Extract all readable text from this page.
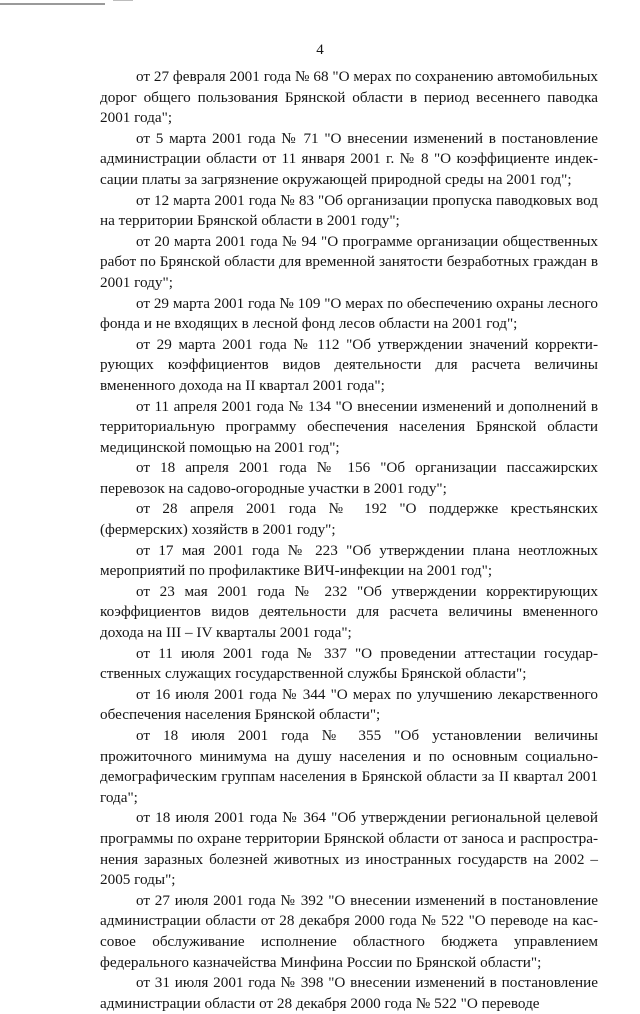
4

от 27 февраля 2001 года № 68 "О мерах по сохранению автомобильных дорог общего пользования Брянской области в период весеннего паводка 2001 года";

от 5 марта 2001 года № 71 "О внесении изменений в постановление администрации области от 11 января 2001 г. № 8 "О коэффициенте индексации платы за загрязнение окружающей природной среды на 2001 год";

от 12 марта 2001 года № 83 "Об организации пропуска паводковых вод на территории Брянской области в 2001 году";

от 20 марта 2001 года № 94 "О программе организации общественных работ по Брянской области для временной занятости безработных граждан в 2001 году";

от 29 марта 2001 года № 109 "О мерах по обеспечению охраны лесного фонда и не входящих в лесной фонд лесов области на 2001 год";

от 29 марта 2001 года № 112 "Об утверждении значений корректирующих коэффициентов видов деятельности для расчета величины вмененного дохода на II квартал 2001 года";

от 11 апреля 2001 года № 134 "О внесении изменений и дополнений в территориальную программу обеспечения населения Брянской области медицинской помощью на 2001 год";

от 18 апреля 2001 года № 156 "Об организации пассажирских перевозок на садово-огородные участки в 2001 году";

от 28 апреля 2001 года № 192 "О поддержке крестьянских (фермерских) хозяйств в 2001 году";

от 17 мая 2001 года № 223 "Об утверждении плана неотложных мероприятий по профилактике ВИЧ-инфекции на 2001 год";

от 23 мая 2001 года № 232 "Об утверждении корректирующих коэффициентов видов деятельности для расчета величины вмененного дохода на III – IV кварталы 2001 года";

от 11 июля 2001 года № 337 "О проведении аттестации государственных служащих государственной службы Брянской области";

от 16 июля 2001 года № 344 "О мерах по улучшению лекарственного обеспечения населения Брянской области";

от 18 июля 2001 года № 355 "Об установлении величины прожиточного минимума на душу населения и по основным социально-демографическим группам населения в Брянской области за II квартал 2001 года";

от 18 июля 2001 года № 364 "Об утверждении региональной целевой программы по охране территории Брянской области от заноса и распространения заразных болезней животных из иностранных государств на 2002 – 2005 годы";

от 27 июля 2001 года № 392 "О внесении изменений в постановление администрации области от 28 декабря 2000 года № 522 "О переводе на кассовое обслуживание исполнение областного бюджета управлением федерального казначейства Минфина России по Брянской области";

от 31 июля 2001 года № 398 "О внесении изменений в постановление администрации области от 28 декабря 2000 года № 522 "О переводе
